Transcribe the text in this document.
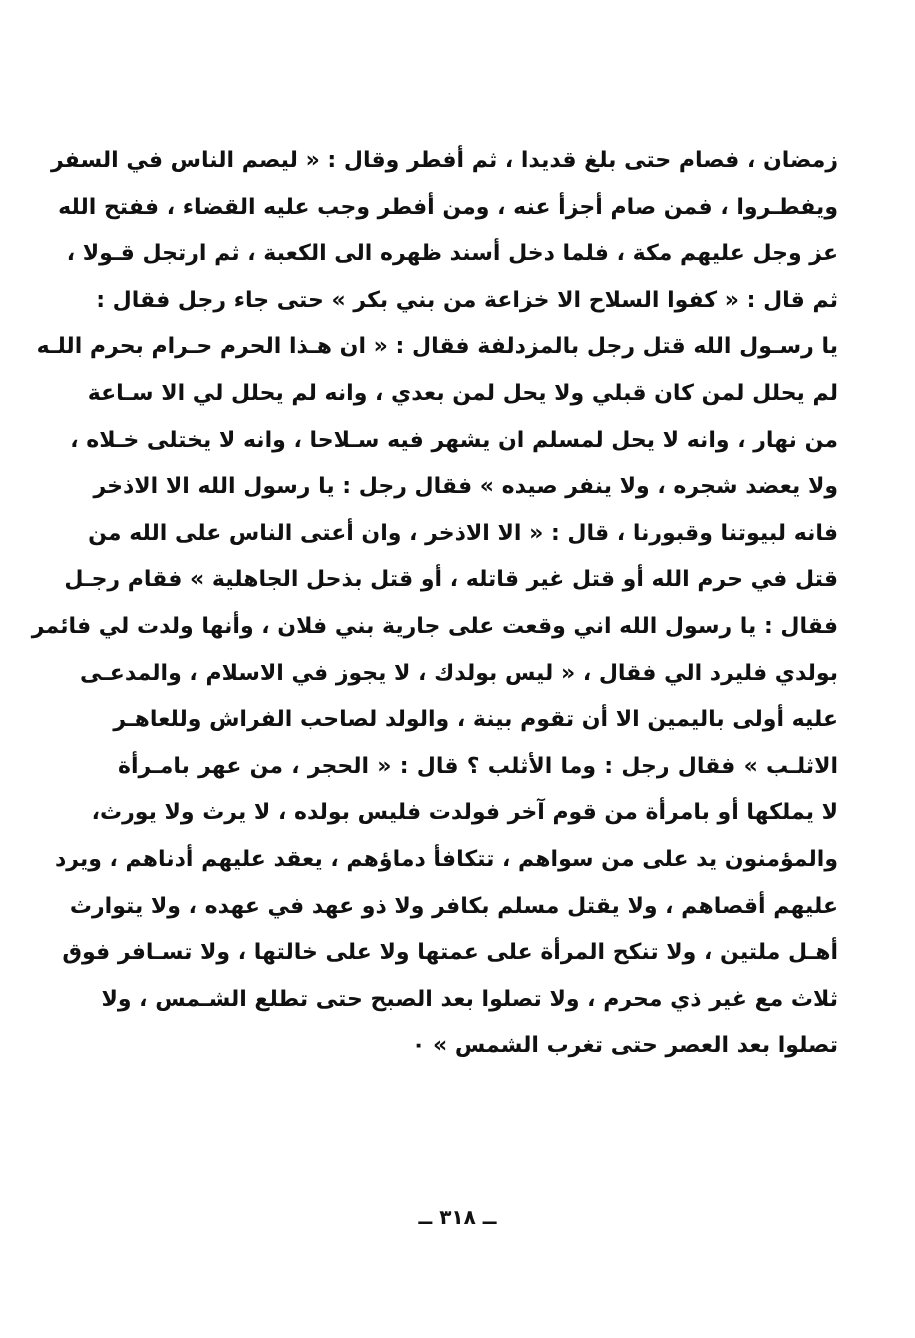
زمضان ، فصام حتى بلغ قديدا ، ثم أفطر وقال : « ليصم الناس في السفر
ويفطـروا ، فمن صام أجزأ عنه ، ومن أفطر وجب عليه القضاء ، ففتح الله
عز وجل عليهم مكة ، فلما دخل أسند ظهره الى الكعبة ، ثم ارتجل قـولا ،
ثم قال : « كفوا السلاح الا خزاعة من بني بكر » حتى جاء رجل فقال :
يا رسـول الله قتل رجل بالمزدلفة فقال : « ان هـذا الحرم حـرام بحرم اللـه
لم يحلل لمن كان قبلي ولا يحل لمن بعدي ، وانه لم يحلل لي الا سـاعة
من نهار ، وانه لا يحل لمسلم ان يشهر فيه سـلاحا ، وانه لا يختلى خـلاه ،
ولا يعضد شجره ، ولا ينفر صيده » فقال رجل : يا رسول الله الا الاذخر
فانه لبيوتنا وقبورنا ، قال : « الا الاذخر ، وان أعتى الناس على الله من
قتل في حرم الله أو قتل غير قاتله ، أو قتل بذحل الجاهلية » فقام رجـل
فقال : يا رسول الله اني وقعت على جارية بني فلان ، وأنها ولدت لي فائمر
بولدي فليرد الي فقال ، « ليس بولدك ، لا يجوز في الاسلام ، والمدعـى
عليه أولى باليمين الا أن تقوم بينة ، والولد لصاحب الفراش وللعاهـر
الاثلـب » فقال رجل : وما الأثلب ؟ قال : « الحجر ، من عهر بامـرأة
لا يملكها أو بامرأة من قوم آخر فولدت فليس بولده ، لا يرث ولا يورث،
والمؤمنون يد على من سواهم ، تتكافأ دماؤهم ، يعقد عليهم أدناهم ، ويرد
عليهم أقصاهم ، ولا يقتل مسلم بكافر ولا ذو عهد في عهده ، ولا يتوارث
أهـل ملتين ، ولا تنكح المرأة على عمتها ولا على خالتها ، ولا تسـافر فوق
ثلاث مع غير ذي محرم ، ولا تصلوا بعد الصبح حتى تطلع الشـمس ، ولا
تصلوا بعد العصر حتى تغرب الشمس » ٠
ــ ٣١٨ ــ
